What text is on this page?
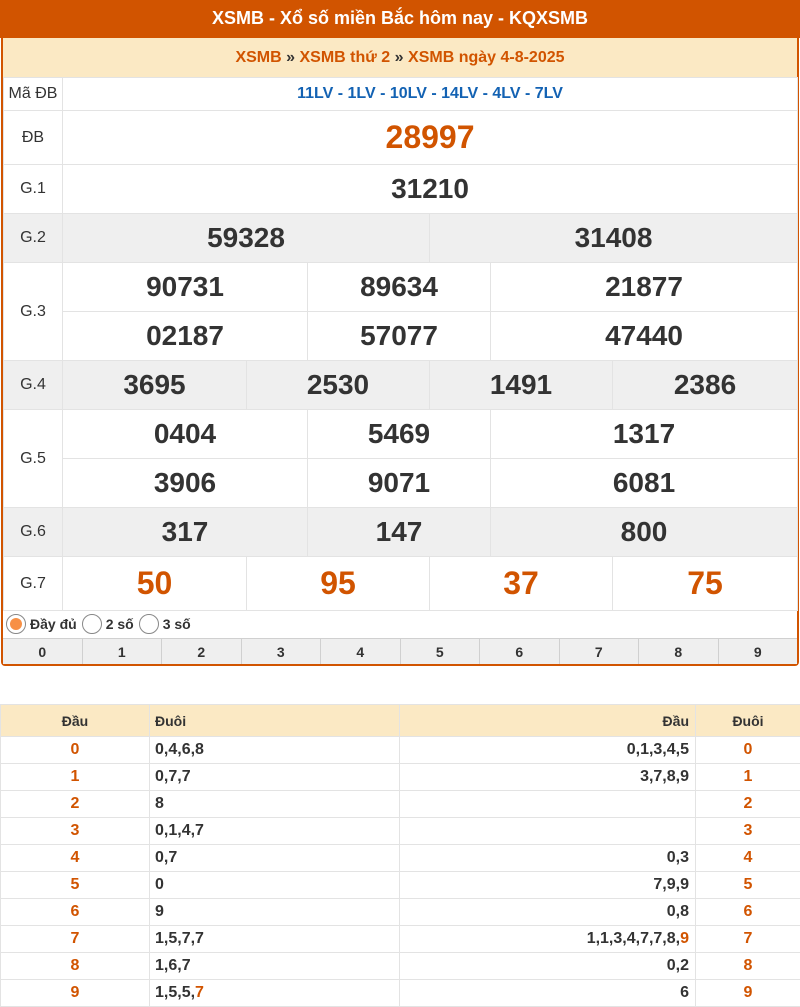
XSMB - Xổ số miền Bắc hôm nay - KQXSMB
XSMB » XSMB thứ 2 » XSMB ngày 4-8-2025
Mã ĐB	11LV - 1LV - 10LV - 14LV - 4LV - 7LV					
ĐB	28997					
G.1	31210					
G.2	59328			31408		
G.3	90731		89634		21877	
	02187		57077		47440	
G.4	3695	2530		1491		2386
G.5	0404		5469		1317	
	3906		9071		6081	
G.6	317		147		800	
G.7	50	95		37		75
Đầy đủ 2 số 3 số
0	1	2	3	4	5	6	7	8	9
Đầu	Đuôi	Đầu	Đuôi
0	0,4,6,8	0,1,3,4,5	0
1	0,7,7	3,7,8,9	1
2	8		2
3	0,1,4,7		3
4	0,7	0,3	4
5	0	7,9,9	5
6	9	0,8	6
7	1,5,7,7	1,1,3,4,7,7,8,9	7
8	1,6,7	0,2	8
9	1,5,5,7	6	9
